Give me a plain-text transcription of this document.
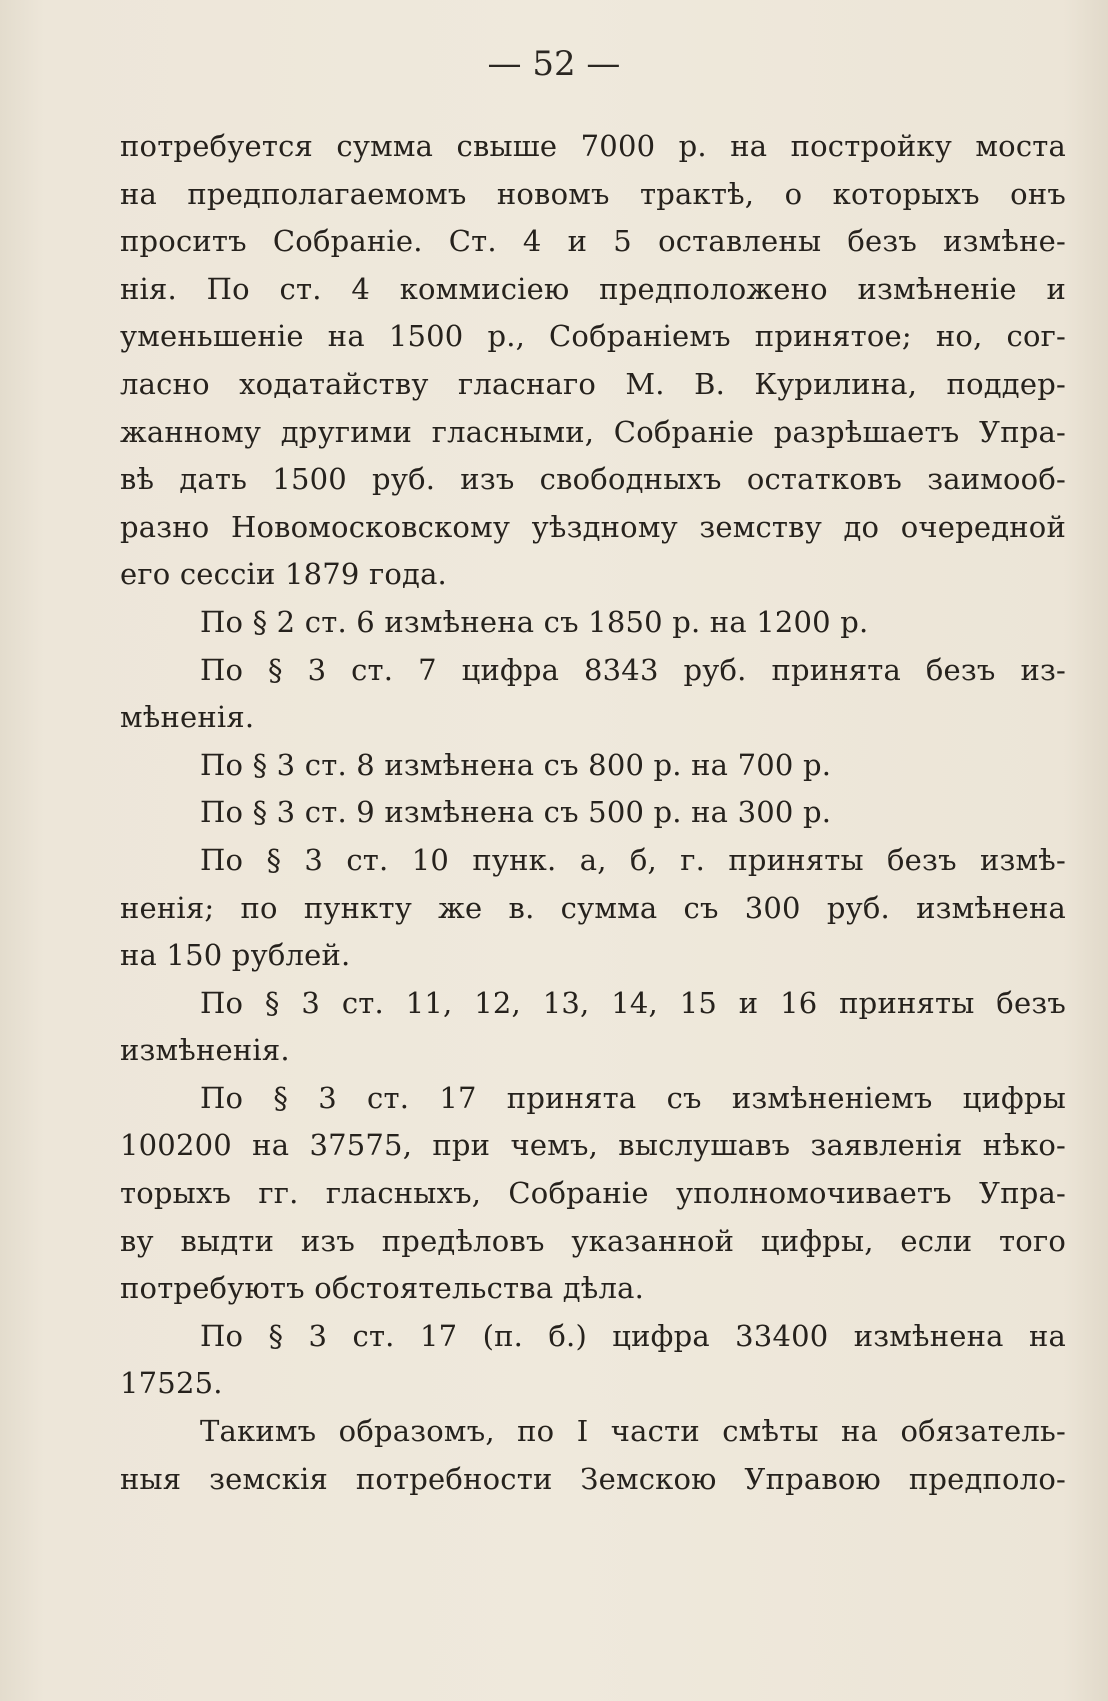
— 52 —
потребуется сумма свыше 7000 р. на постройку моста
на предполагаемомъ новомъ трактѣ, о которыхъ онъ
проситъ Собраніе. Ст. 4 и 5 оставлены безъ измѣне-
нія. По ст. 4 коммисіею предположено измѣненіе и
уменьшеніе на 1500 р., Собраніемъ принятое; но, сог-
ласно ходатайству гласнаго М. В. Курилина, поддер-
жанному другими гласными, Собраніе разрѣшаетъ Упра-
вѣ дать 1500 руб. изъ свободныхъ остатковъ заимооб-
разно Новомосковскому уѣздному земству до очередной
его сессіи 1879 года.
По § 2 ст. 6 измѣнена съ 1850 р. на 1200 р.
По § 3 ст. 7 цифра 8343 руб. принята безъ из-
мѣненія.
По § 3 ст. 8 измѣнена съ 800 р. на 700 р.
По § 3 ст. 9 измѣнена съ 500 р. на 300 р.
По § 3 ст. 10 пунк. а, б, г. приняты безъ измѣ-
ненія; по пункту же в. сумма съ 300 руб. измѣнена
на 150 рублей.
По § 3 ст. 11, 12, 13, 14, 15 и 16 приняты безъ
измѣненія.
По § 3 ст. 17 принята съ измѣненіемъ цифры
100200 на 37575, при чемъ, выслушавъ заявленія нѣко-
торыхъ гг. гласныхъ, Собраніе уполномочиваетъ Упра-
ву выдти изъ предѣловъ указанной цифры, если того
потребуютъ обстоятельства дѣла.
По § 3 ст. 17 (п. б.) цифра 33400 измѣнена на
17525.
Такимъ образомъ, по I части смѣты на обязатель-
ныя земскія потребности Земскою Управою предполо-
